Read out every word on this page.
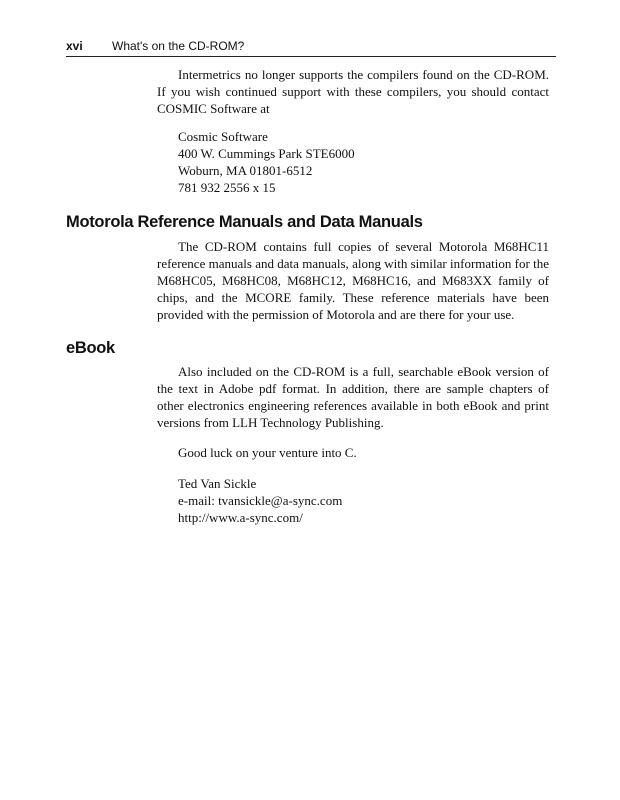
xvi What's on the CD-ROM?

Intermetrics no longer supports the compilers found on the CD-ROM. If you wish continued support with these compilers, you should contact COSMIC Software at

Cosmic Software
400 W. Cummings Park STE6000
Woburn, MA 01801-6512
781 932 2556 x 15
Motorola Reference Manuals and Data Manuals

The CD-ROM contains full copies of several Motorola M68HC11 reference manuals and data manuals, along with similar information for the M68HC05, M68HC08, M68HC12, M68HC16, and M683XX family of chips, and the MCORE family. These reference materials have been provided with the permission of Motorola and are there for your use.

eBook

Also included on the CD-ROM is a full, searchable eBook version of the text in Adobe pdf format. In addition, there are sample chapters of other electronics engineering references available in both eBook and print versions from LLH Technology Publishing.

Good luck on your venture into C.
Ted Van Sickle
e-mail: tvansickle@a-sync.com
http://www.a-sync.com/
